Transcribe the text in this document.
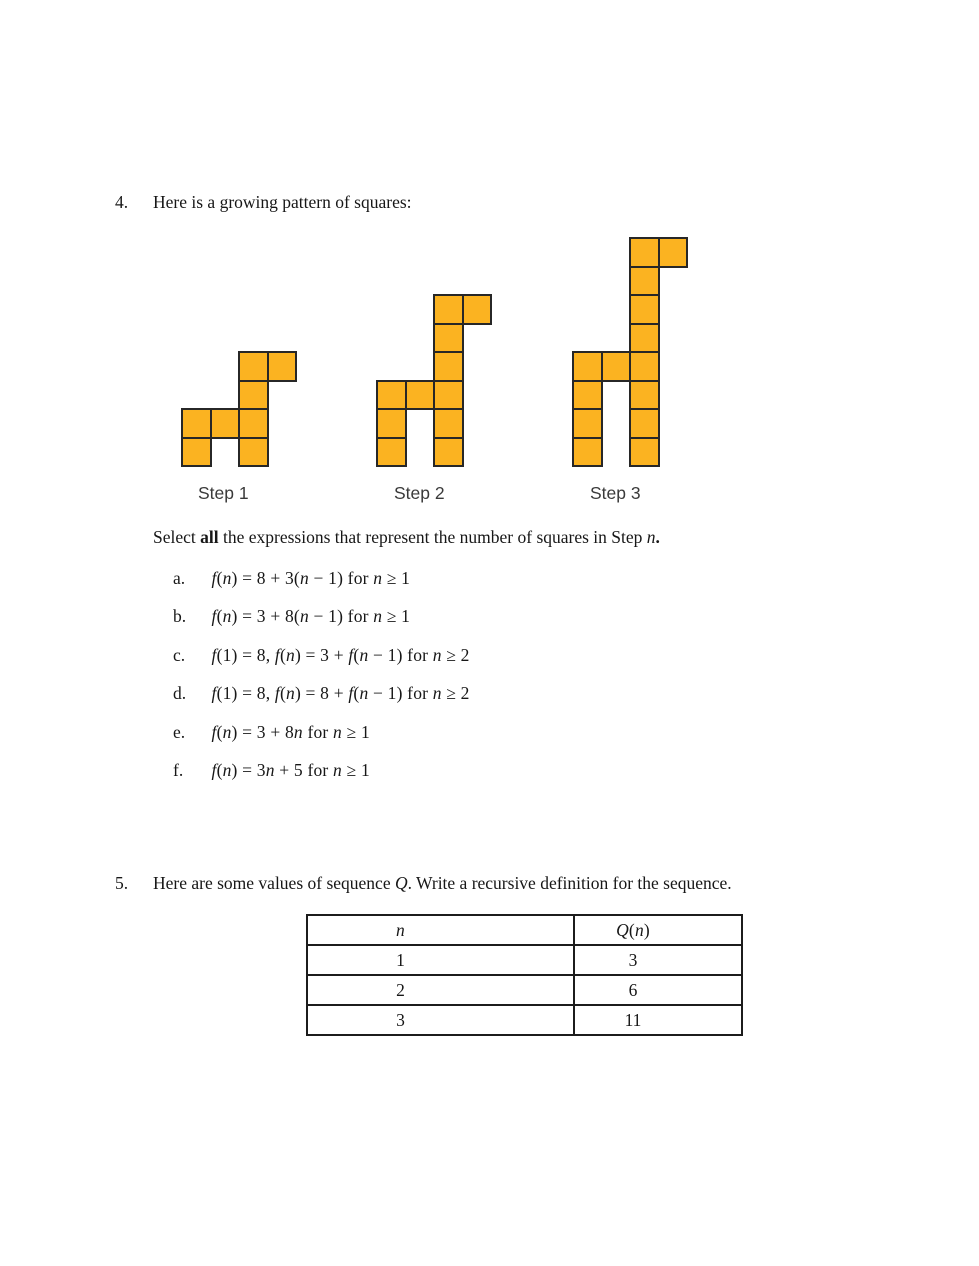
4. Here is a growing pattern of squares:
Step 1	Step 2	Step 3
Select all the expressions that represent the number of squares in Step n.
a. f(n) = 8 + 3(n − 1) for n ≥ 1
b. f(n) = 3 + 8(n − 1) for n ≥ 1
c. f(1) = 8, f(n) = 3 + f(n − 1) for n ≥ 2
d. f(1) = 8, f(n) = 8 + f(n − 1) for n ≥ 2
e. f(n) = 3 + 8n for n ≥ 1
f. f(n) = 3n + 5 for n ≥ 1
5. Here are some values of sequence Q. Write a recursive definition for the sequence.
n	Q(n)
1	3
2	6
3	11
